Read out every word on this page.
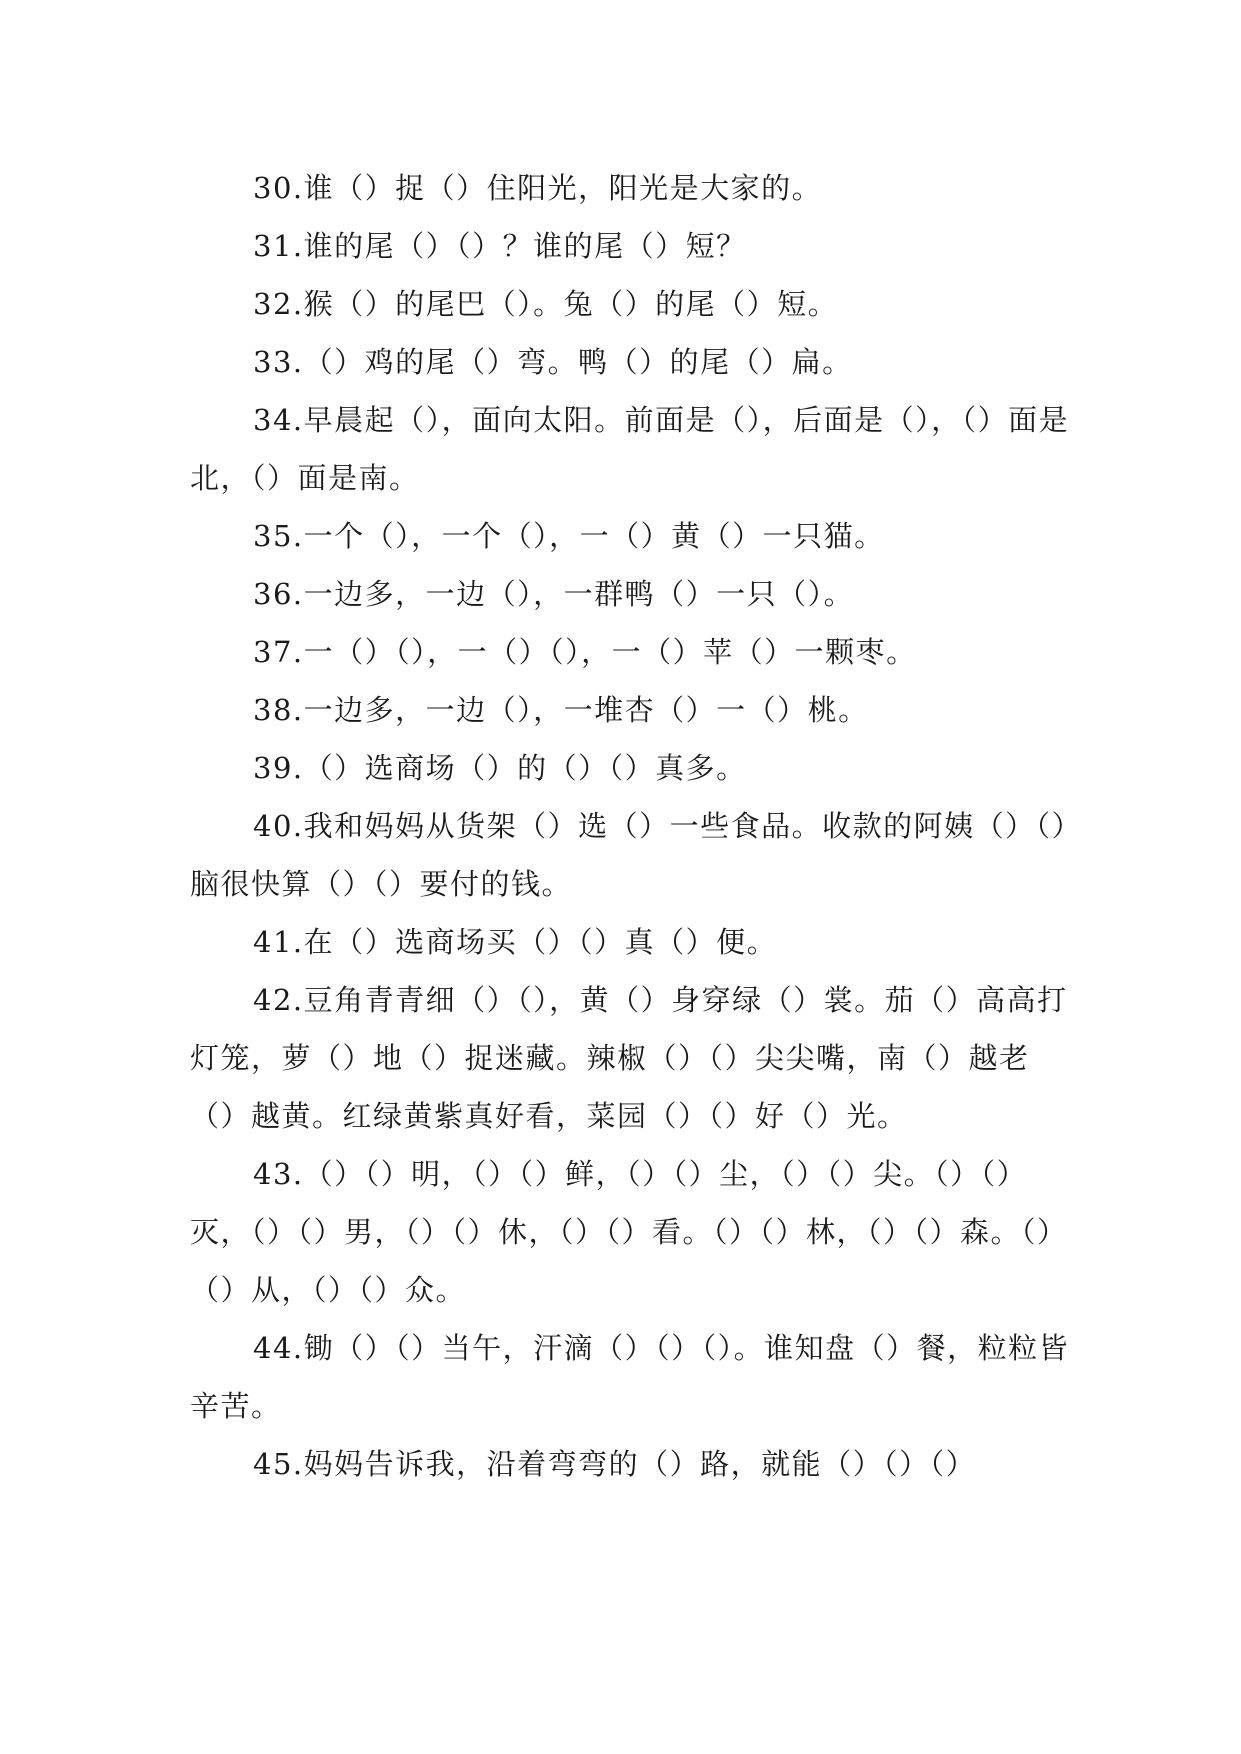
30.谁（）捉（）住阳光，阳光是大家的。

31.谁的尾（）（）？谁的尾（）短？

32.猴（）的尾巴（）。兔（）的尾（）短。

33.（）鸡的尾（）弯。鸭（）的尾（）扁。

34.早晨起（），面向太阳。前面是（），后面是（），（）面是北，（）面是南。

35.一个（），一个（），一（）黄（）一只猫。

36.一边多，一边（），一群鸭（）一只（）。

37.一（）（），一（）（），一（）苹（）一颗枣。

38.一边多，一边（），一堆杏（）一（）桃。

39.（）选商场（）的（）（）真多。

40.我和妈妈从货架（）选（）一些食品。收款的阿姨（）（）脑很快算（）（）要付的钱。

41.在（）选商场买（）（）真（）便。

42.豆角青青细（）（），黄（）身穿绿（）裳。茄（）高高打灯笼，萝（）地（）捉迷藏。辣椒（）（）尖尖嘴，南（）越老（）越黄。红绿黄紫真好看，菜园（）（）好（）光。

43.（）（）明，（）（）鲜，（）（）尘，（）（）尖。（）（）灭，（）（）男，（）（）休，（）（）看。（）（）林，（）（）森。（）（）从，（）（）众。

44.锄（）（）当午，汗滴（）（）（）。谁知盘（）餐，粒粒皆辛苦。

45.妈妈告诉我，沿着弯弯的（）路，就能（）（）（）
